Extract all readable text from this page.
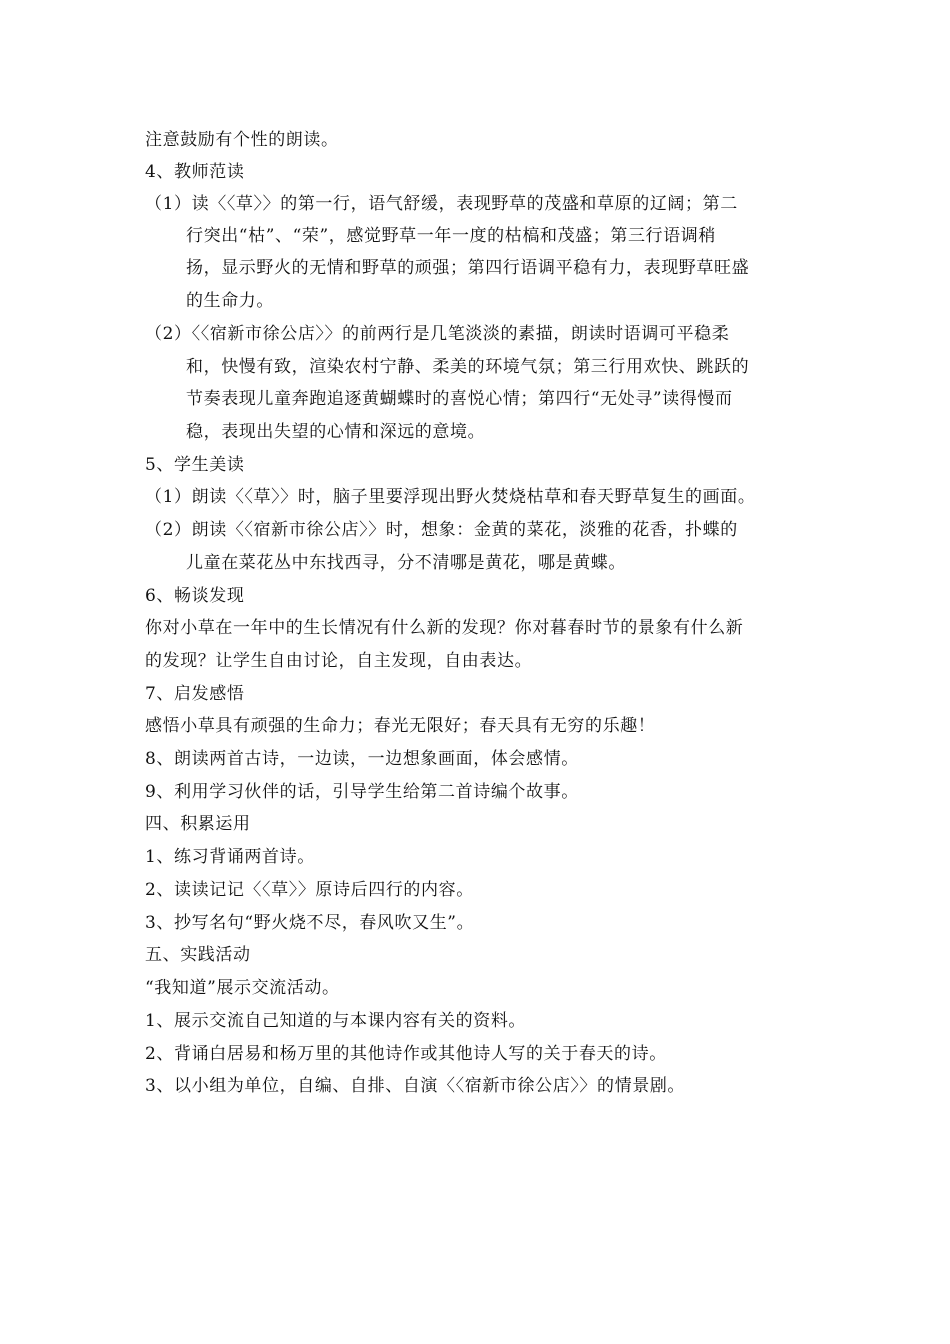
注意鼓励有个性的朗读。
4、教师范读
（1）读〈〈草〉〉的第一行，语气舒缓，表现野草的茂盛和草原的辽阔；第二
行突出“枯”、“荣”，感觉野草一年一度的枯槁和茂盛；第三行语调稍
扬，显示野火的无情和野草的顽强；第四行语调平稳有力，表现野草旺盛
的生命力。
（2）〈〈宿新市徐公店〉〉的前两行是几笔淡淡的素描，朗读时语调可平稳柔
和，快慢有致，渲染农村宁静、柔美的环境气氛；第三行用欢快、跳跃的
节奏表现儿童奔跑追逐黄蝴蝶时的喜悦心情；第四行“无处寻”读得慢而
稳，表现出失望的心情和深远的意境。
5、学生美读
（1）朗读〈〈草〉〉时，脑子里要浮现出野火焚烧枯草和春天野草复生的画面。
（2）朗读〈〈宿新市徐公店〉〉时，想象：金黄的菜花，淡雅的花香，扑蝶的
儿童在菜花丛中东找西寻，分不清哪是黄花，哪是黄蝶。
6、畅谈发现
你对小草在一年中的生长情况有什么新的发现？你对暮春时节的景象有什么新
的发现？让学生自由讨论，自主发现，自由表达。
7、启发感悟
感悟小草具有顽强的生命力；春光无限好；春天具有无穷的乐趣！
8、朗读两首古诗，一边读，一边想象画面，体会感情。
9、利用学习伙伴的话，引导学生给第二首诗编个故事。
四、积累运用
1、练习背诵两首诗。
2、读读记记〈〈草〉〉原诗后四行的内容。
3、抄写名句“野火烧不尽，春风吹又生”。
五、实践活动
“我知道”展示交流活动。
1、展示交流自己知道的与本课内容有关的资料。
2、背诵白居易和杨万里的其他诗作或其他诗人写的关于春天的诗。
3、以小组为单位，自编、自排、自演〈〈宿新市徐公店〉〉的情景剧。
